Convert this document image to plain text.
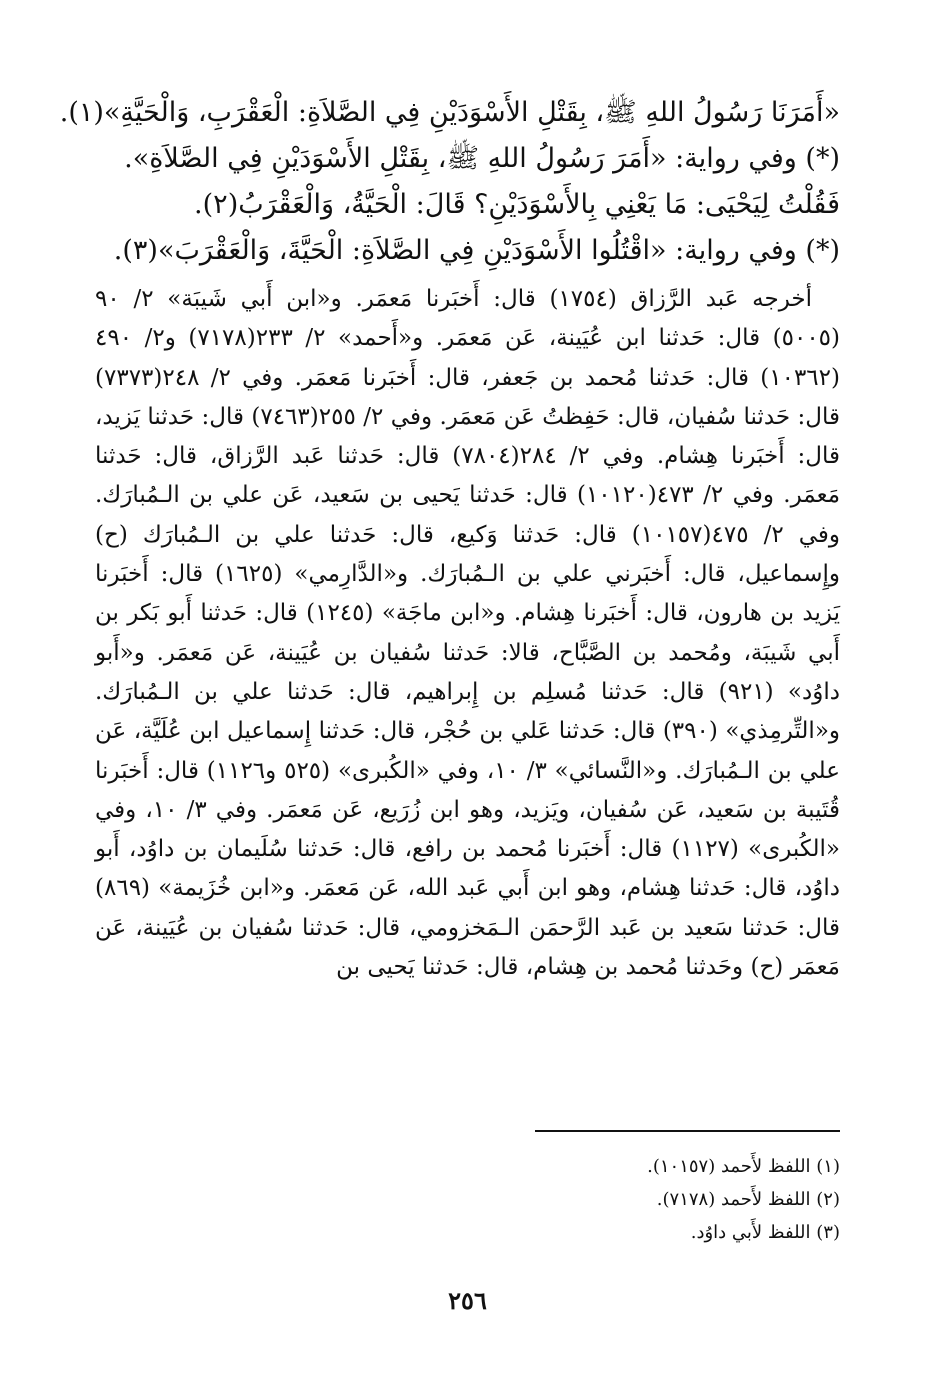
«أَمَرَنَا رَسُولُ اللهِ ﷺ، بِقَتْلِ الأَسْوَدَيْنِ فِي الصَّلاَةِ: الْعَقْرَبِ، وَالْحَيَّةِ»(١).
(*) وفي رواية: «أَمَرَ رَسُولُ اللهِ ﷺ، بِقَتْلِ الأَسْوَدَيْنِ فِي الصَّلاَةِ».
فَقُلْتُ لِيَحْيَى: مَا يَعْنِي بِالأَسْوَدَيْنِ؟ قَالَ: الْحَيَّةُ، وَالْعَقْرَبُ(٢).
(*) وفي رواية: «اقْتُلُوا الأَسْوَدَيْنِ فِي الصَّلاَةِ: الْحَيَّةَ، وَالْعَقْرَبَ»(٣).
أخرجه عَبد الرَّزاق (١٧٥٤) قال: أَخبَرنا مَعمَر. و«ابن أَبي شَيبَة» ٢/ ٩٠ (٥٠٠٥) قال: حَدثنا ابن عُيَينة، عَن مَعمَر. و«أَحمد» ٢/ ٢٣٣(٧١٧٨) و٢/ ٤٩٠ (١٠٣٦٢) قال: حَدثنا مُحمد بن جَعفر، قال: أَخبَرنا مَعمَر. وفي ٢/ ٢٤٨(٧٣٧٣) قال: حَدثنا سُفيان، قال: حَفِظتُ عَن مَعمَر. وفي ٢/ ٢٥٥(٧٤٦٣) قال: حَدثنا يَزيد، قال: أَخبَرنا هِشام. وفي ٢/ ٢٨٤(٧٨٠٤) قال: حَدثنا عَبد الرَّزاق، قال: حَدثنا مَعمَر. وفي ٢/ ٤٧٣(١٠١٢٠) قال: حَدثنا يَحيى بن سَعيد، عَن علي بن الـمُبارَك. وفي ٢/ ٤٧٥(١٠١٥٧) قال: حَدثنا وَكيع، قال: حَدثنا علي بن الـمُبارَك (ح) وإِسماعيل، قال: أَخبَرني علي بن الـمُبارَك. و«الدَّارِمي» (١٦٢٥) قال: أَخبَرنا يَزيد بن هارون، قال: أَخبَرنا هِشام. و«ابن ماجَة» (١٢٤٥) قال: حَدثنا أَبو بَكر بن أَبي شَيبَة، ومُحمد بن الصَّبَّاح، قالا: حَدثنا سُفيان بن عُيَينة، عَن مَعمَر. و«أَبو داوُد» (٩٢١) قال: حَدثنا مُسلِم بن إِبراهيم، قال: حَدثنا علي بن الـمُبارَك. و«التِّرمِذي» (٣٩٠) قال: حَدثنا عَلي بن حُجْر، قال: حَدثنا إِسماعيل ابن عُلَيَّة، عَن علي بن الـمُبارَك. و«النَّسائي» ٣/ ١٠، وفي «الكُبرى» (٥٢٥ و١١٢٦) قال: أَخبَرنا قُتَيبة بن سَعيد، عَن سُفيان، ويَزيد، وهو ابن زُرَيع، عَن مَعمَر. وفي ٣/ ١٠، وفي «الكُبرى» (١١٢٧) قال: أَخبَرنا مُحمد بن رافع، قال: حَدثنا سُلَيمان بن داوُد، أَبو داوُد، قال: حَدثنا هِشام، وهو ابن أَبي عَبد الله، عَن مَعمَر. و«ابن خُزَيمة» (٨٦٩) قال: حَدثنا سَعيد بن عَبد الرَّحمَن الـمَخزومي، قال: حَدثنا سُفيان بن عُيَينة، عَن مَعمَر (ح) وحَدثنا مُحمد بن هِشام، قال: حَدثنا يَحيى بن
(١) اللفظ لأَحمد (١٠١٥٧).
(٢) اللفظ لأَحمد (٧١٧٨).
(٣) اللفظ لأَبي داوُد.
٢٥٦
